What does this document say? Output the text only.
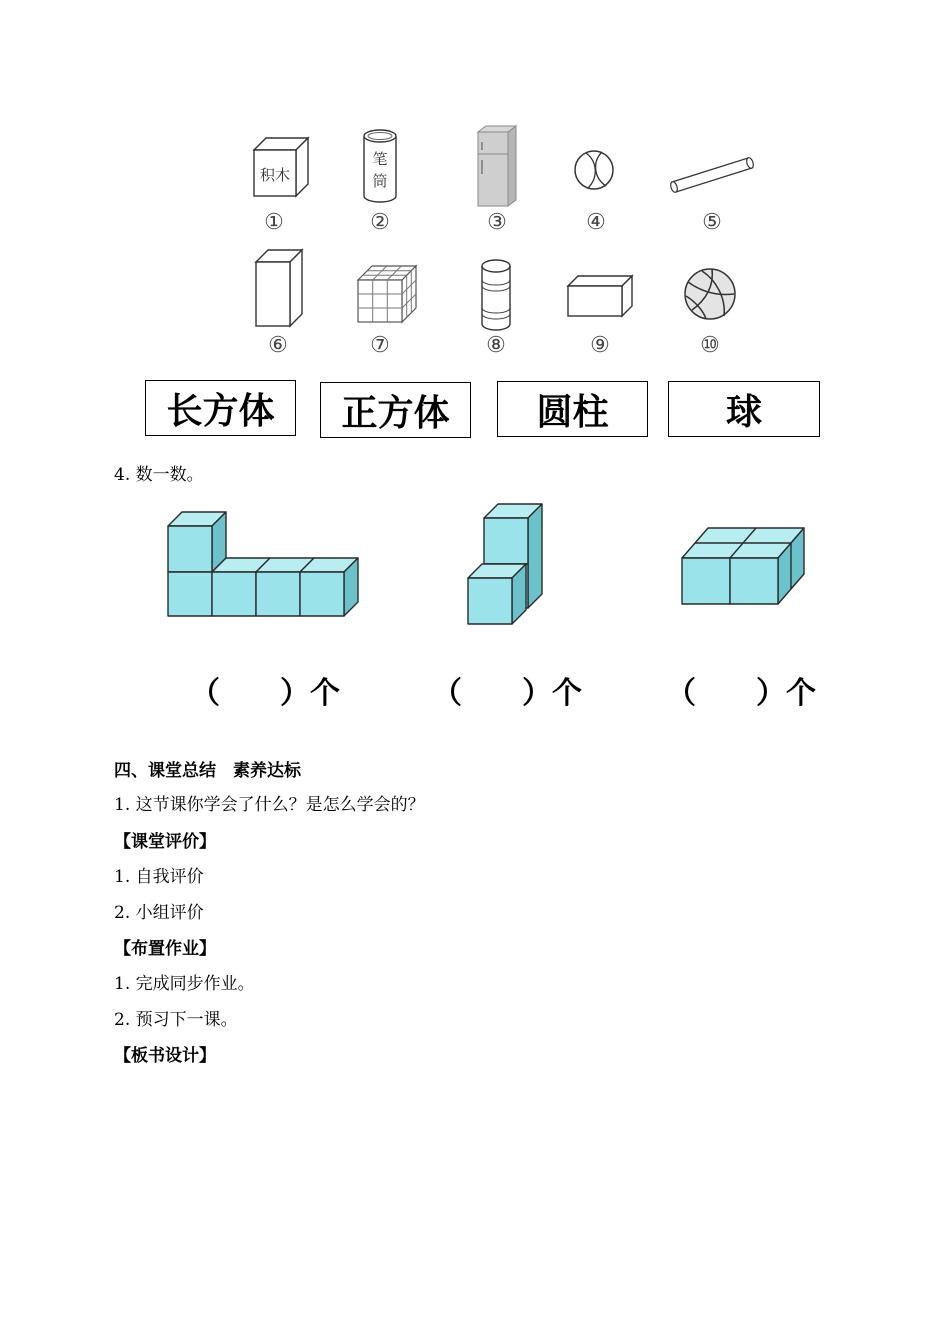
积木
①
笔
筒
②	③	④	⑤
⑥	⑦	⑧	⑨	⑩
长方体	正方体	圆柱	球
4. 数一数。
（　　）个	（　　）个	（　　）个
四、课堂总结　素养达标
1. 这节课你学会了什么？是怎么学会的？
【课堂评价】
1. 自我评价
2. 小组评价
【布置作业】
1. 完成同步作业。
2. 预习下一课。
【板书设计】
